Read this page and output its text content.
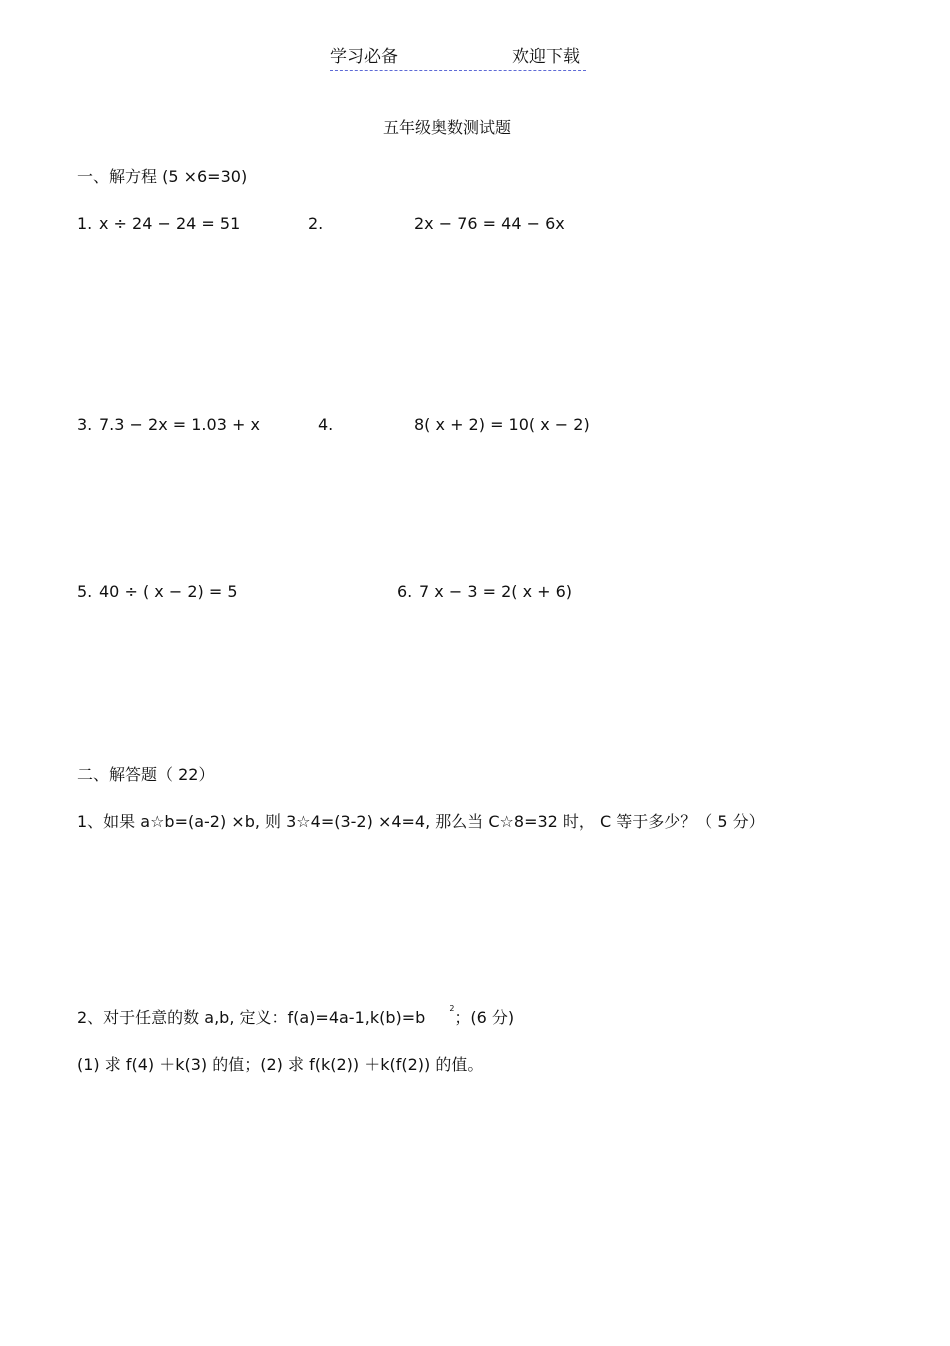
学习必备	欢迎下载
五年级奥数测试题
一、解方程 (5 ×6=30)
1. x ÷ 24 − 24 = 51	2.	2x − 76 = 44 − 6x
3. 7.3 − 2x = 1.03 + x	4.	8( x + 2) = 10( x − 2)
5. 40 ÷ ( x − 2) = 5	6. 7 x − 3 = 2( x + 6)
二、解答题（ 22）
1、如果 a☆b=(a-2) ×b, 则 3☆4=(3-2) ×4=4, 那么当 C☆8=32 时， C 等于多少？（ 5 分）
2、对于任意的数 a,b, 定义：f(a)=4a-1,k(b)=b	$^2$；(6 分)
(1) 求 f(4) ＋k(3) 的值；(2) 求 f(k(2)) ＋k(f(2)) 的值。
